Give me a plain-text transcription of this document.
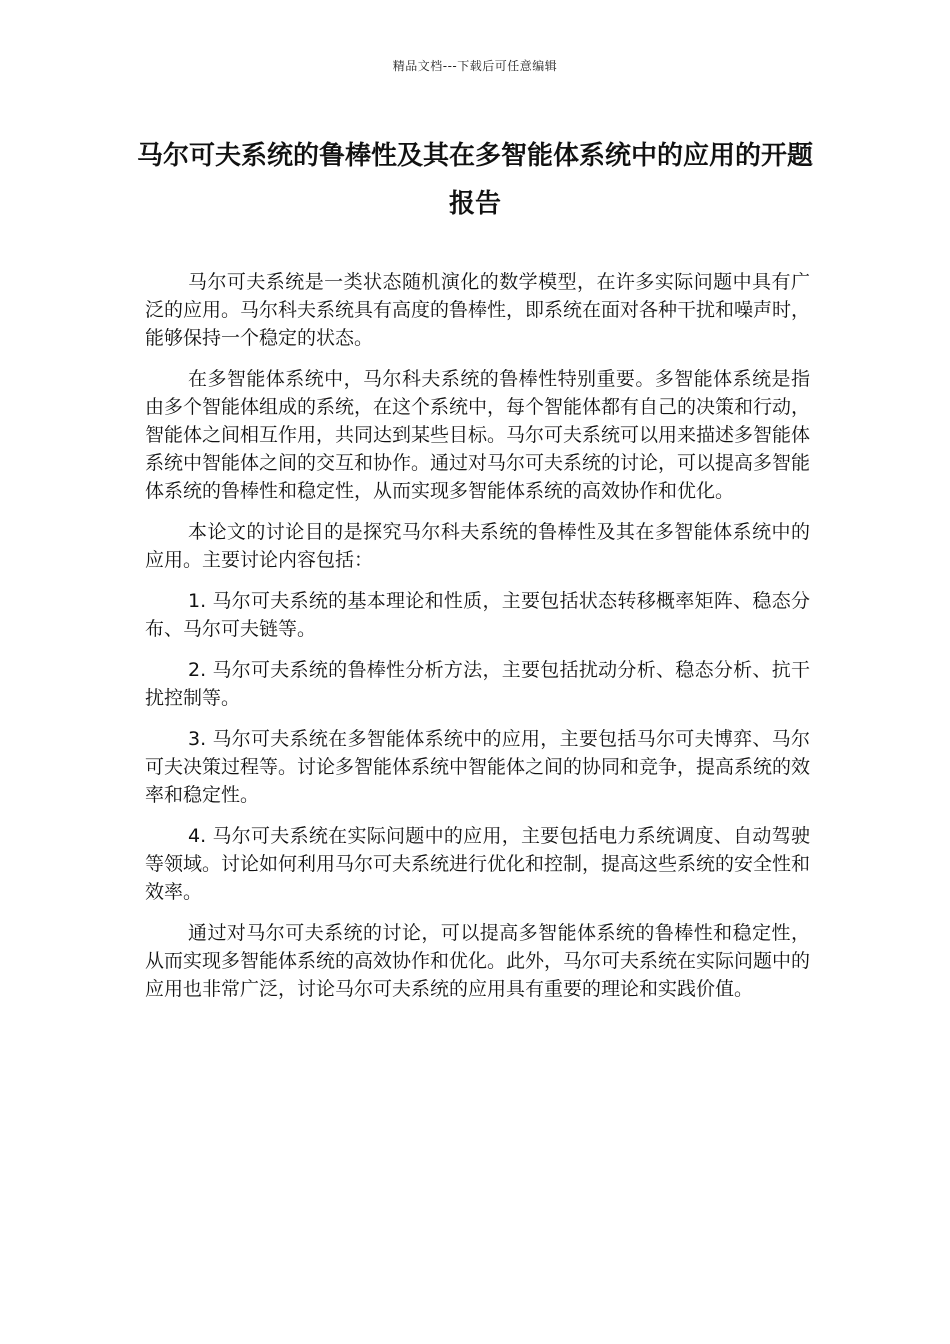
精品文档---下载后可任意编辑
马尔可夫系统的鲁棒性及其在多智能体系统中的应用的开题报告

马尔可夫系统是一类状态随机演化的数学模型，在许多实际问题中具有广泛的应用。马尔科夫系统具有高度的鲁棒性，即系统在面对各种干扰和噪声时，能够保持一个稳定的状态。

在多智能体系统中，马尔科夫系统的鲁棒性特别重要。多智能体系统是指由多个智能体组成的系统，在这个系统中，每个智能体都有自己的决策和行动，智能体之间相互作用，共同达到某些目标。马尔可夫系统可以用来描述多智能体系统中智能体之间的交互和协作。通过对马尔可夫系统的讨论，可以提高多智能体系统的鲁棒性和稳定性，从而实现多智能体系统的高效协作和优化。

本论文的讨论目的是探究马尔科夫系统的鲁棒性及其在多智能体系统中的应用。主要讨论内容包括：

1. 马尔可夫系统的基本理论和性质，主要包括状态转移概率矩阵、稳态分布、马尔可夫链等。

2. 马尔可夫系统的鲁棒性分析方法，主要包括扰动分析、稳态分析、抗干扰控制等。

3. 马尔可夫系统在多智能体系统中的应用，主要包括马尔可夫博弈、马尔可夫决策过程等。讨论多智能体系统中智能体之间的协同和竞争，提高系统的效率和稳定性。

4. 马尔可夫系统在实际问题中的应用，主要包括电力系统调度、自动驾驶等领域。讨论如何利用马尔可夫系统进行优化和控制，提高这些系统的安全性和效率。

通过对马尔可夫系统的讨论，可以提高多智能体系统的鲁棒性和稳定性，从而实现多智能体系统的高效协作和优化。此外，马尔可夫系统在实际问题中的应用也非常广泛，讨论马尔可夫系统的应用具有重要的理论和实践价值。
